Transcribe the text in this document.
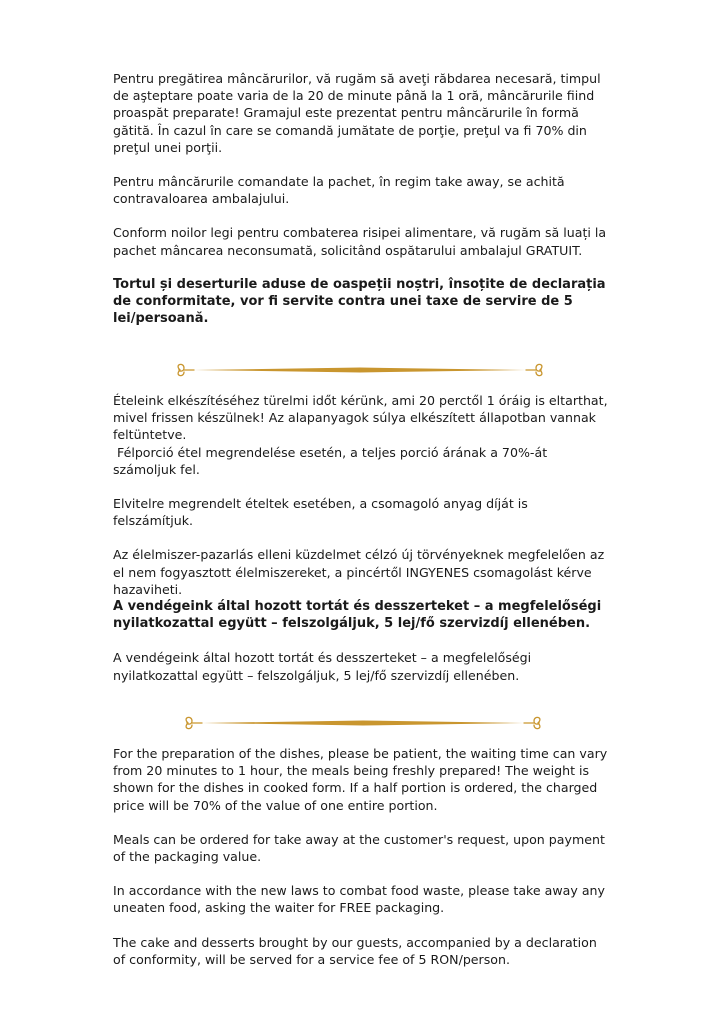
Pentru pregătirea mâncărurilor, vă rugăm să aveţi răbdarea necesară, timpul de aşteptare poate varia de la 20 de minute până la 1 oră, mâncărurile fiind proaspăt preparate! Gramajul este prezentat pentru mâncărurile în formă gătită. În cazul în care se comandă jumătate de porţie, preţul va fi 70% din preţul unei porţii.

Pentru mâncărurile comandate la pachet, în regim take away, se achită contravaloarea ambalajului.

Conform noilor legi pentru combaterea risipei alimentare, vă rugăm să luați la pachet mâncarea neconsumată, solicitând ospătarului ambalajul GRATUIT.

Tortul și deserturile aduse de oaspeții noștri, însoțite de declarația de conformitate, vor fi servite contra unei taxe de servire de 5 lei/persoană.

Ételeink elkészítéséhez türelmi időt kérünk, ami 20 perctől 1 óráig is eltarthat, mivel frissen készülnek! Az alapanyagok súlya elkészített állapotban vannak feltüntetve.

Félporció étel megrendelése esetén, a teljes porció árának a 70%-át számoljuk fel.

Elvitelre megrendelt ételtek esetében, a csomagoló anyag díját is felszámítjuk.

Az élelmiszer-pazarlás elleni küzdelmet célzó új törvényeknek megfelelően az el nem fogyasztott élelmiszereket, a pincértől INGYENES csomagolást kérve hazaviheti.

A vendégeink által hozott tortát és desszerteket – a megfelelőségi nyilatkozattal együtt – felszolgáljuk, 5 lej/fő szervizdíj ellenében.

A vendégeink által hozott tortát és desszerteket – a megfelelőségi nyilatkozattal együtt – felszolgáljuk, 5 lej/fő szervizdíj ellenében.

For the preparation of the dishes, please be patient, the waiting time can vary from 20 minutes to 1 hour, the meals being freshly prepared! The weight is shown for the dishes in cooked form. If a half portion is ordered, the charged price will be 70% of the value of one entire portion.

Meals can be ordered for take away at the customer's request, upon payment of the packaging value.

In accordance with the new laws to combat food waste, please take away any uneaten food, asking the waiter for FREE packaging.

The cake and desserts brought by our guests, accompanied by a declaration of conformity, will be served for a service fee of 5 RON/person.
